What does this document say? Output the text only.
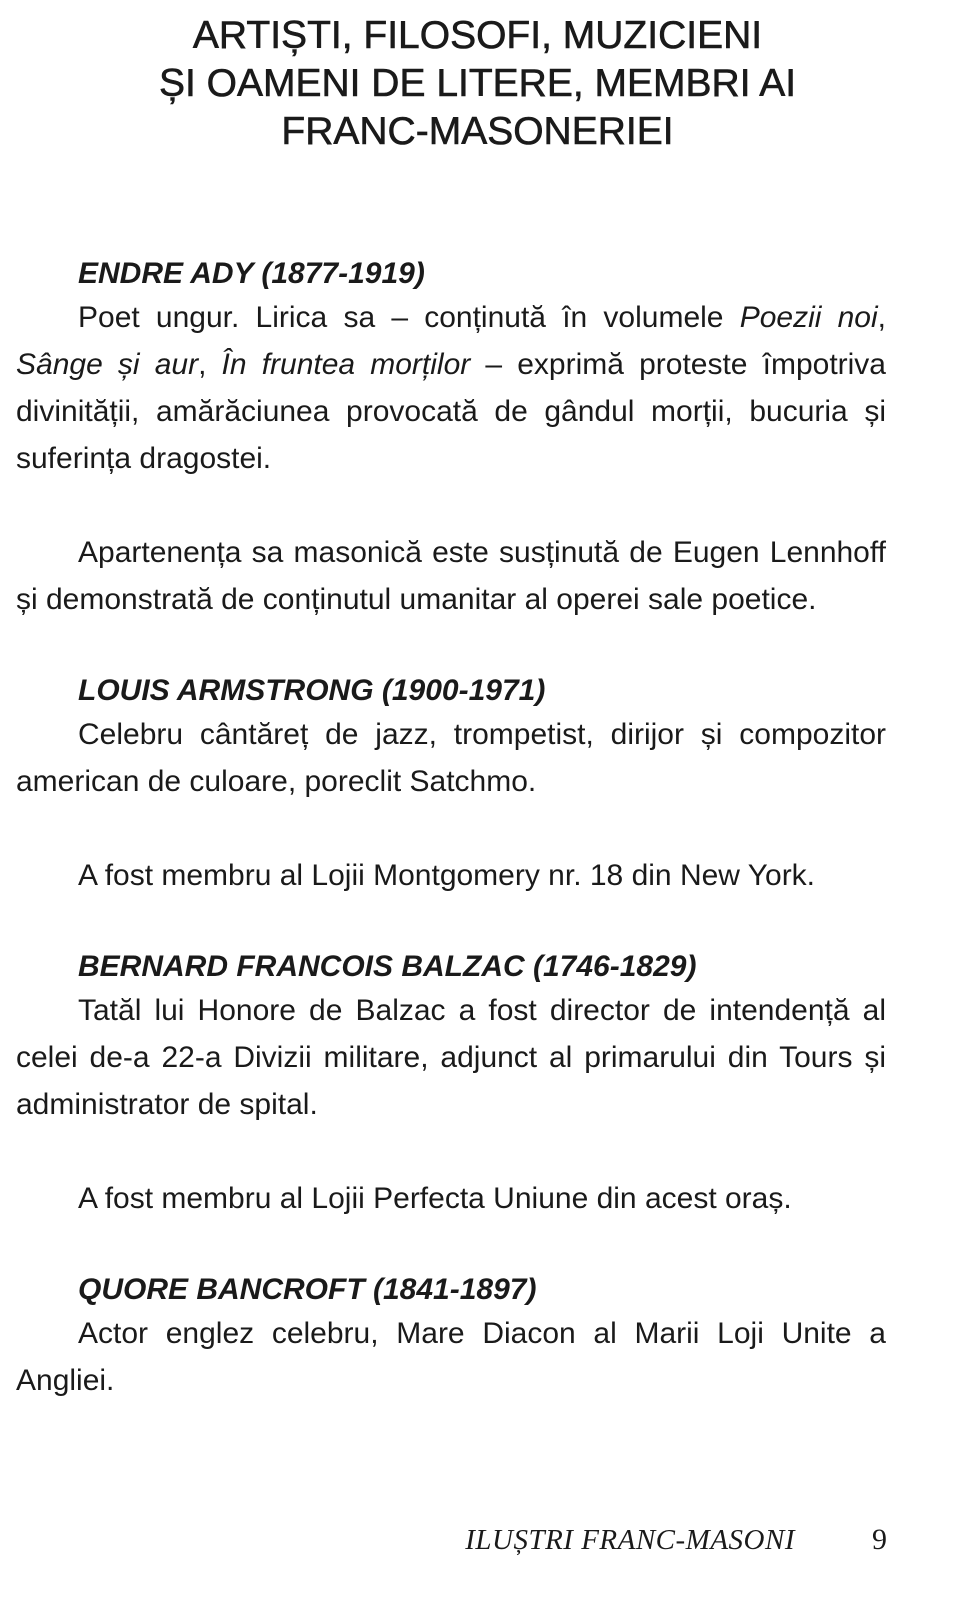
ARTIȘTI, FILOSOFI, MUZICIENI
ȘI OAMENI DE LITERE, MEMBRI AI
FRANC-MASONERIEI
ENDRE ADY (1877-1919)

Poet ungur. Lirica sa – conținută în volumele Poezii noi, Sânge și aur, În fruntea morților – exprimă proteste împotriva divinității, amărăciunea provocată de gândul morții, bucuria și suferința dragostei.

Apartenența sa masonică este susținută de Eugen Lennhoff și demonstrată de conținutul umanitar al operei sale poetice.

LOUIS ARMSTRONG (1900-1971)

Celebru cântăreț de jazz, trompetist, dirijor și compozitor american de culoare, poreclit Satchmo.

A fost membru al Lojii Montgomery nr. 18 din New York.

BERNARD FRANCOIS BALZAC (1746-1829)

Tatăl lui Honore de Balzac a fost director de intendență al celei de-a 22-a Divizii militare, adjunct al primarului din Tours și administrator de spital.

A fost membru al Lojii Perfecta Uniune din acest oraș.

QUORE BANCROFT (1841-1897)

Actor englez celebru, Mare Diacon al Marii Loji Unite a Angliei.

ILUȘTRI FRANC-MASONI	9
